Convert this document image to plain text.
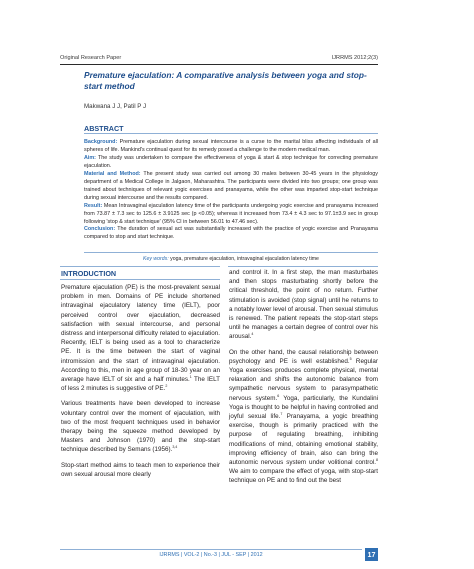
Original Research Paper	IJRRMS 2012;2(3)
Premature ejaculation: A comparative analysis between yoga and stop-start method
Makwana J J, Patil P J
ABSTRACT
Background: Premature ejaculation during sexual intercourse is a curse to the marital bliss affecting individuals of all spheres of life. Mankind's continual quest for its remedy posed a challenge to the modern medical man.
Aim: The study was undertaken to compare the effectiveness of yoga & start & stop technique for correcting premature ejaculation.
Material and Method: The present study was carried out among 30 males between 30-45 years in the physiology department of a Medical College in Jalgaon, Maharashtra. The participants were divided into two groups; one group was trained about techniques of relevant yogic exercises and pranayama, while the other was imparted stop-start technique during sexual intercourse and the results compared.
Result: Mean Intravaginal ejaculation latency time of the participants undergoing yogic exercise and pranayama increased from 73.87 ± 7.3 sec to 125.6 ± 3.9125 sec (p <0.05); whereas it increased from 73.4 ± 4.3 sec to 97.1±3.9 sec in group following 'stop & start technique' (95% CI in between 56.01 to 47.46 sec).
Conclusion: The duration of sexual act was substantially increased with the practice of yogic exercise and Pranayama compared to stop and start technique.
Key words: yoga, premature ejaculation, intravaginal ejaculation latency time
INTRODUCTION

Premature ejaculation (PE) is the most-prevalent sexual problem in men. Domains of PE include shortened intravaginal ejaculatory latency time (IELT), poor perceived control over ejaculation, decreased satisfaction with sexual intercourse, and personal distress and interpersonal difficulty related to ejaculation. Recently, IELT is being used as a tool to characterize PE. It is the time between the start of vaginal intromission and the start of intravaginal ejaculation. According to this, men in age group of 18-30 year on an average have IELT of six and a half minutes.$^1$ The IELT of less 2 minutes is suggestive of PE.$^2$

Various treatments have been developed to increase voluntary control over the moment of ejaculation, with two of the most frequent techniques used in behavior therapy being the squeeze method developed by Masters and Johnson (1970) and the stop-start technique described by Semans (1956).$^{3,4}$

Stop-start method aims to teach men to experience their own sexual arousal more clearly

and control it. In a first step, the man masturbates and then stops masturbating shortly before the critical threshold, the point of no return. Further stimulation is avoided (stop signal) until he returns to a notably lower level of arousal. Then sexual stimulus is renewed. The patient repeats the stop-start steps until he manages a certain degree of control over his arousal.$^4$

On the other hand, the causal relationship between psychology and PE is well established.$^5$ Regular Yoga exercises produces complete physical, mental relaxation and shifts the autonomic balance from sympathetic nervous system to parasympathetic nervous system.$^6$ Yoga, particularly, the Kundalini Yoga is thought to be helpful in having controlled and joyful sexual life.$^7$ Pranayama, a yogic breathing exercise, though is primarily practiced with the purpose of regulating breathing, inhibiting modifications of mind, obtaining emotional stability, improving efficiency of brain, also can bring the autonomic nervous system under volitional control.$^8$ We aim to compare the effect of yoga, with stop-start technique on PE and to find out the best

IJRRMS | VOL-2 | No.-3 | JUL - SEP | 2012	17
